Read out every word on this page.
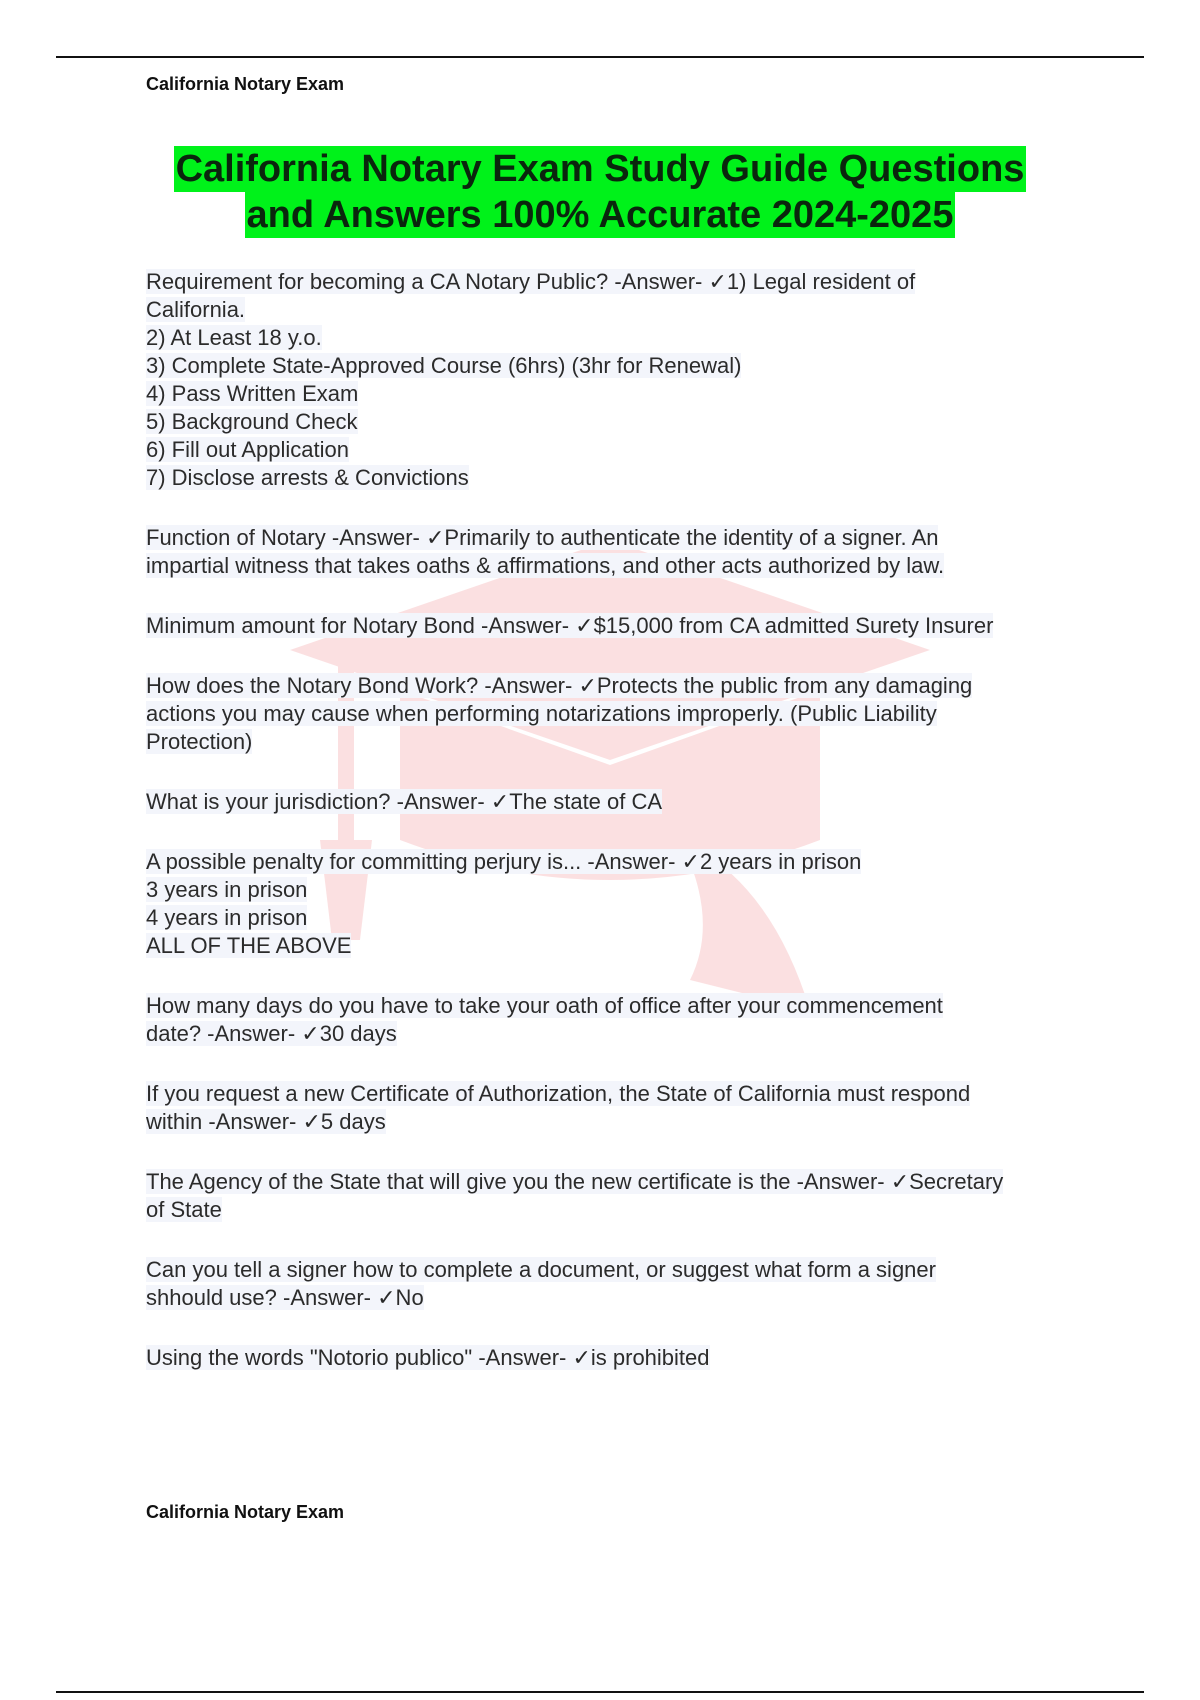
California Notary Exam
California Notary Exam Study Guide Questions
and Answers 100% Accurate 2024-2025
Requirement for becoming a CA Notary Public? -Answer- ✓1) Legal resident of
California.
2) At Least 18 y.o.
3) Complete State-Approved Course (6hrs) (3hr for Renewal)
4) Pass Written Exam
5) Background Check
6) Fill out Application
7) Disclose arrests & Convictions
Function of Notary -Answer- ✓Primarily to authenticate the identity of a signer. An
impartial witness that takes oaths & affirmations, and other acts authorized by law.
Minimum amount for Notary Bond -Answer- ✓$15,000 from CA admitted Surety Insurer
How does the Notary Bond Work? -Answer- ✓Protects the public from any damaging
actions you may cause when performing notarizations improperly. (Public Liability
Protection)
What is your jurisdiction? -Answer- ✓The state of CA
A possible penalty for committing perjury is... -Answer- ✓2 years in prison
3 years in prison
4 years in prison
ALL OF THE ABOVE
How many days do you have to take your oath of office after your commencement
date? -Answer- ✓30 days
If you request a new Certificate of Authorization, the State of California must respond
within -Answer- ✓5 days
The Agency of the State that will give you the new certificate is the -Answer- ✓Secretary
of State
Can you tell a signer how to complete a document, or suggest what form a signer
shhould use? -Answer- ✓No
Using the words "Notorio publico" -Answer- ✓is prohibited
California Notary Exam
